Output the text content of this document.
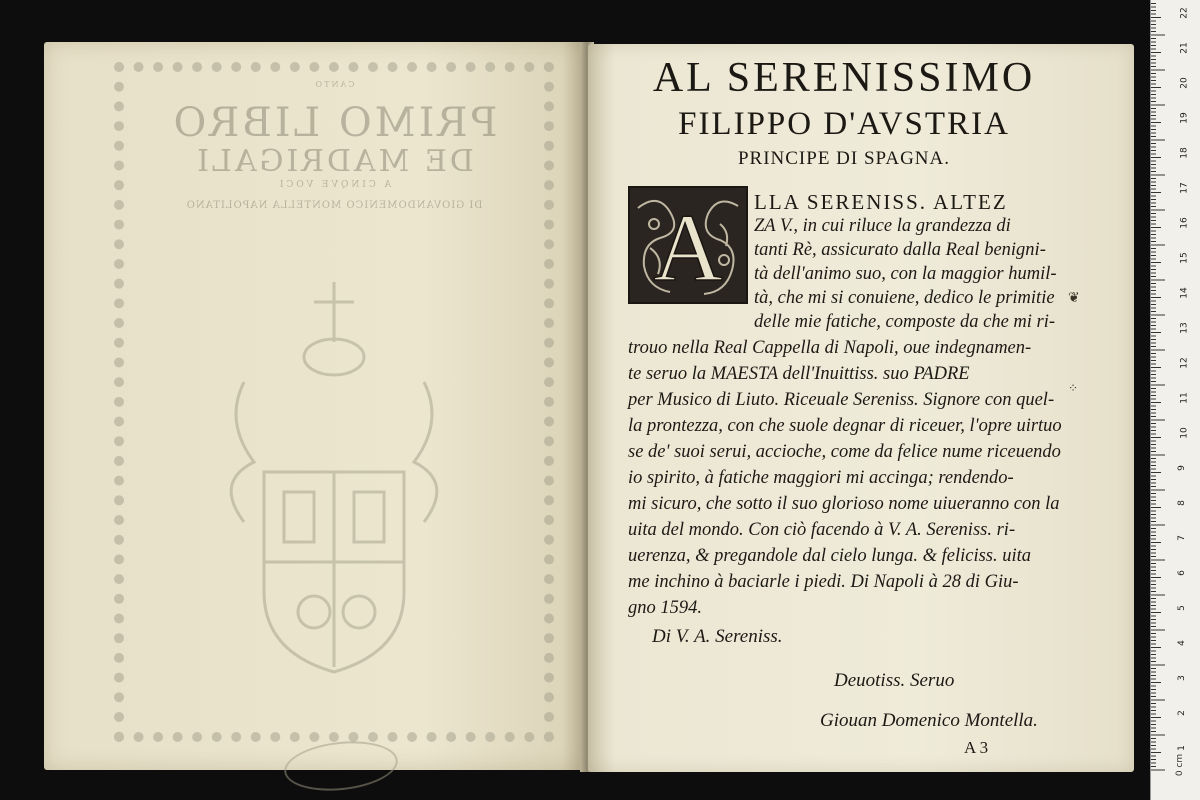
CANTO
PRIMO LIBRO
DE MADRIGALI
A CINQVE VOCI
DI GIOVANDOMENICO MONTELLA NAPOLITANO
AL SERENISSIMO
FILIPPO D'AVSTRIA
PRINCIPE DI SPAGNA.
A LLA SERENISS. ALTEZ
ZA V., in cui riluce la grandezza di
tanti Rè, assicurato dalla Real benigni-
tà dell'animo suo, con la maggior humil-
tà, che mi si conuiene, dedico le primitie
delle mie fatiche, composte da che mi ri-
trouo nella Real Cappella di Napoli, oue indegnamen-
te seruo la MAESTA dell'Inuittiss. suo PADRE
per Musico di Liuto. Riceuale Sereniss. Signore con quel-
la prontezza, con che suole degnar di riceuer, l'opre uirtuo
se de' suoi serui, accioche, come da felice nume riceuendo
io spirito, à fatiche maggiori mi accinga; rendendo-
mi sicuro, che sotto il suo glorioso nome uiueranno con la
uita del mondo. Con ciò facendo à V. A. Sereniss. ri-
uerenza, & pregandole dal cielo lunga. & feliciss. uita
me inchino à baciarle i piedi. Di Napoli à 28 di Giu-
gno 1594.
Di V. A. Sereniss.
Deuotiss. Seruo
Giouan Domenico Montella.
A 3
❦
⁘
22
21
20
19
18
17
16
15
14
13
12
11
10
9
8
7
6
5
4
3
2
1
0 cm
